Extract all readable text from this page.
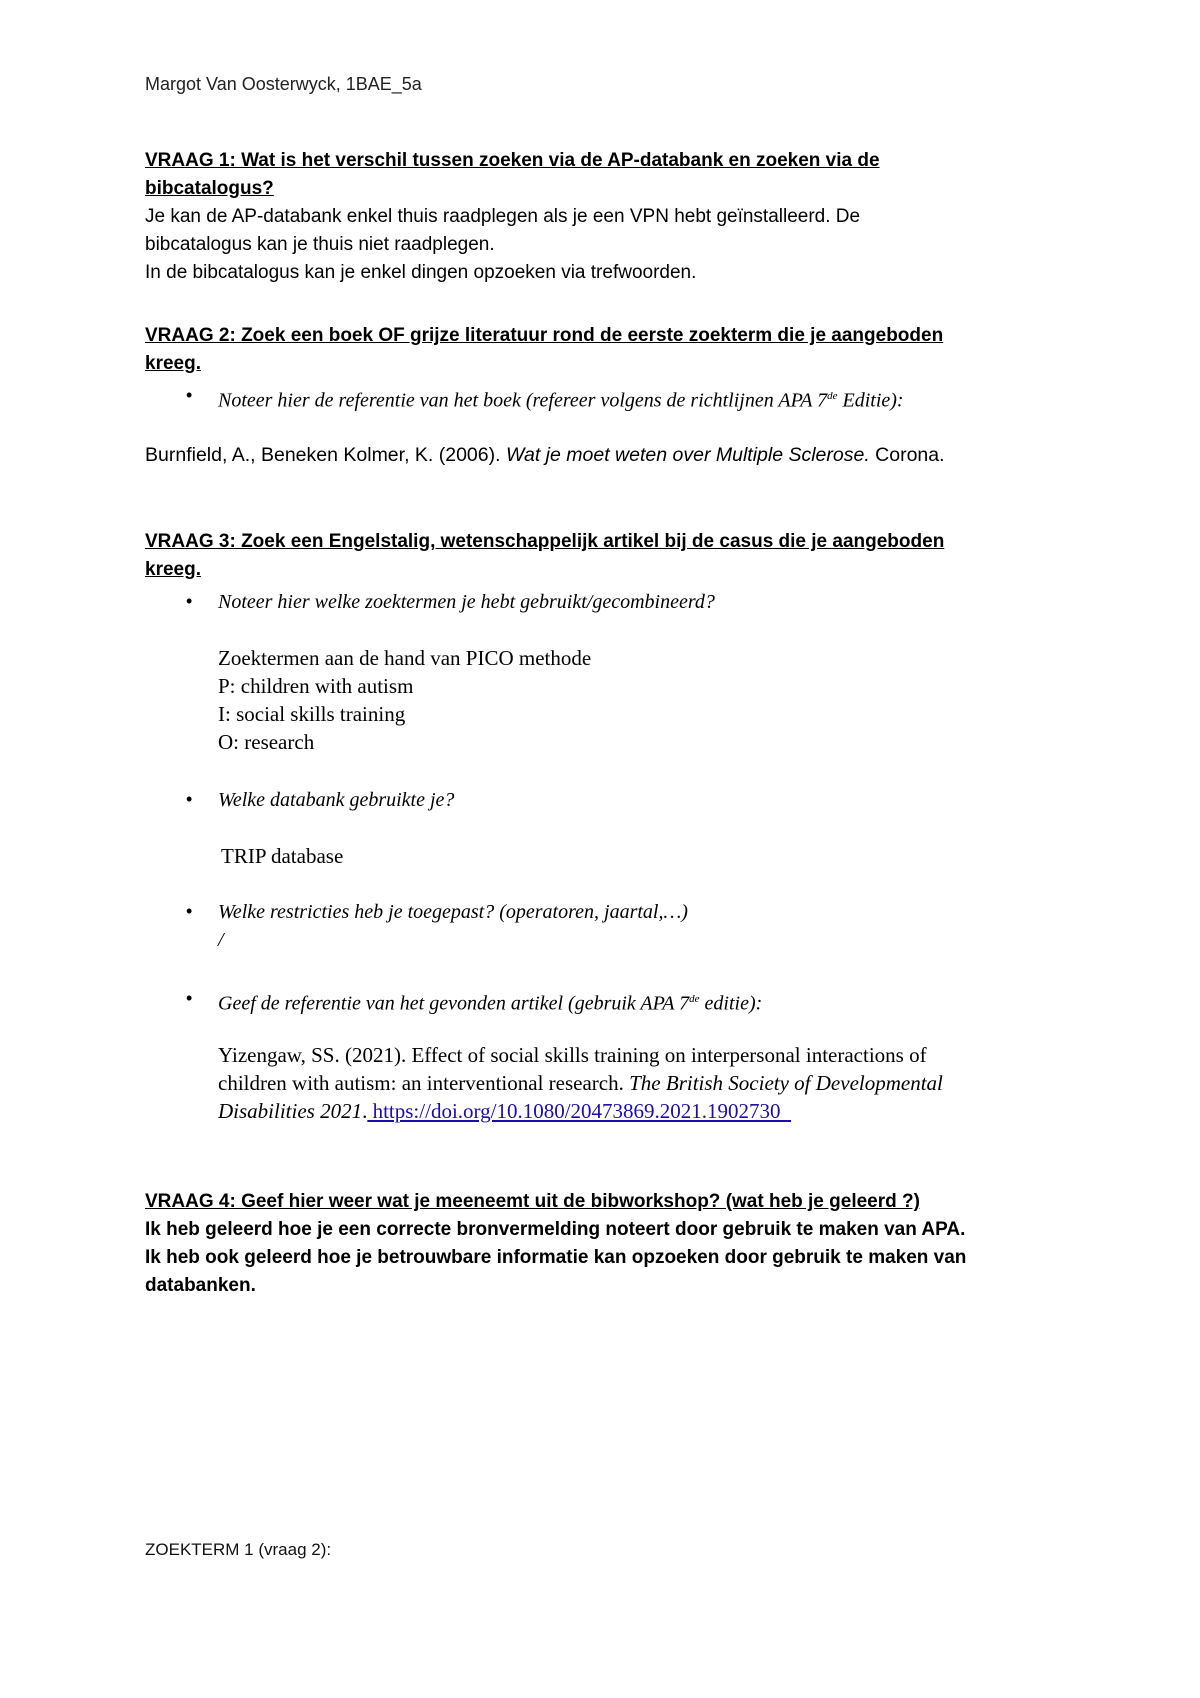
Margot Van Oosterwyck, 1BAE_5a
VRAAG 1: Wat is het verschil tussen zoeken via de AP-databank en zoeken via de
bibcatalogus?
Je kan de AP-databank enkel thuis raadplegen als je een VPN hebt geïnstalleerd. De
bibcatalogus kan je thuis niet raadplegen.
In de bibcatalogus kan je enkel dingen opzoeken via trefwoorden.
VRAAG 2: Zoek een boek OF grijze literatuur rond de eerste zoekterm die je aangeboden
kreeg.
• Noteer hier de referentie van het boek (refereer volgens de richtlijnen APA 7de Editie):
Burnfield, A., Beneken Kolmer, K. (2006). Wat je moet weten over Multiple Sclerose. Corona.
VRAAG 3: Zoek een Engelstalig, wetenschappelijk artikel bij de casus die je aangeboden
kreeg.
• Noteer hier welke zoektermen je hebt gebruikt/gecombineerd?
Zoektermen aan de hand van PICO methode
P: children with autism
I: social skills training
O: research
• Welke databank gebruikte je?
TRIP database
• Welke restricties heb je toegepast? (operatoren, jaartal,…)
/
• Geef de referentie van het gevonden artikel (gebruik APA 7de editie):
Yizengaw, SS. (2021). Effect of social skills training on interpersonal interactions of
children with autism: an interventional research. The British Society of Developmental
Disabilities 2021. https://doi.org/10.1080/20473869.2021.1902730
VRAAG 4: Geef hier weer wat je meeneemt uit de bibworkshop? (wat heb je geleerd ?)
Ik heb geleerd hoe je een correcte bronvermelding noteert door gebruik te maken van APA.
Ik heb ook geleerd hoe je betrouwbare informatie kan opzoeken door gebruik te maken van
databanken.
ZOEKTERM 1 (vraag 2):
